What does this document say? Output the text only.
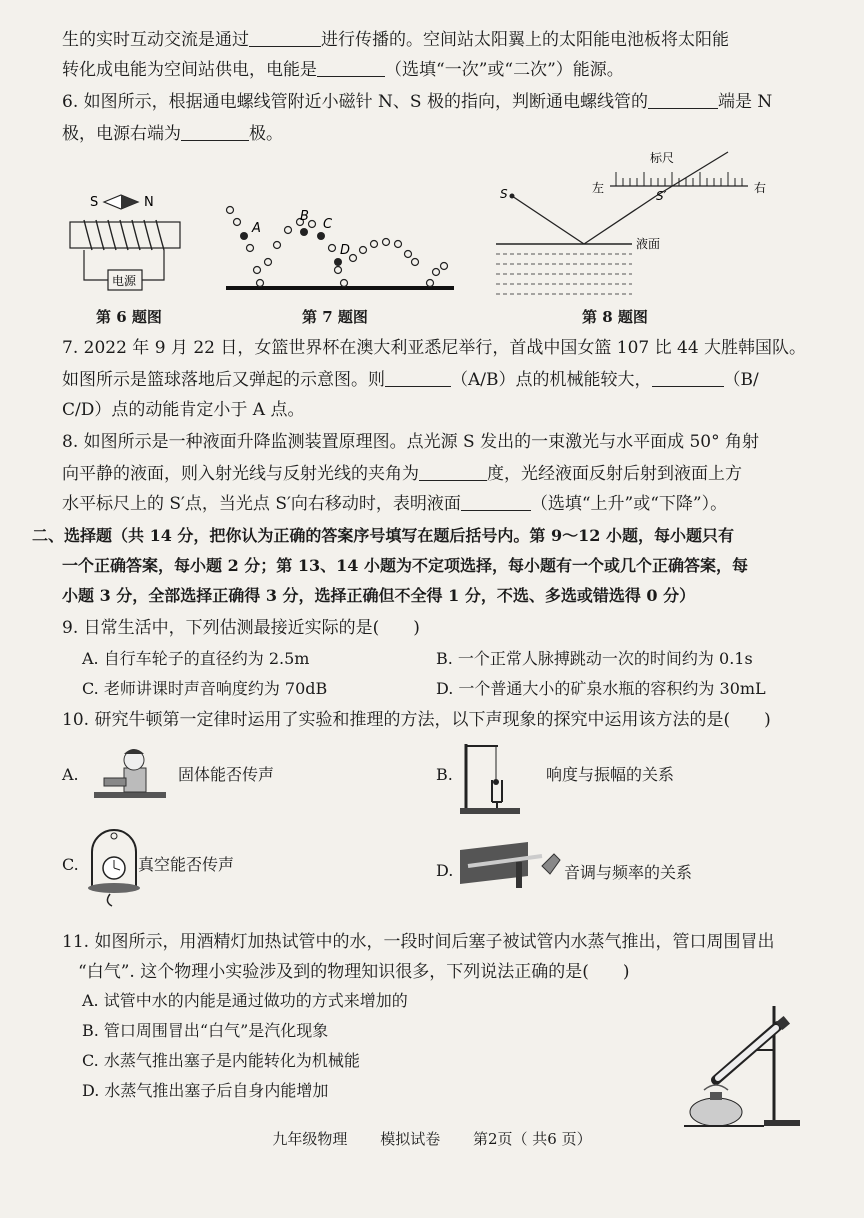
生的实时互动交流是通过	进行传播的。空间站太阳翼上的太阳能电池板将太阳能
转化成电能为空间站供电，电能是	（选填“一次”或“二次”）能源。
6. 如图所示，根据通电螺线管附近小磁针 N、S 极的指向，判断通电螺线管的	端是 N
极，电源右端为	极。
S	N
电源
第 6 题图
A
B
C
D
第 7 题图
标尺
左	右
S	S′
液面
第 8 题图
7. 2022 年 9 月 22 日，女篮世界杯在澳大利亚悉尼举行，首战中国女篮 107 比 44 大胜韩国队。
如图所示是篮球落地后又弹起的示意图。则	（A/B）点的机械能较大，	（B/
C/D）点的动能肯定小于 A 点。
8. 如图所示是一种液面升降监测装置原理图。点光源 S 发出的一束激光与水平面成 50° 角射
向平静的液面，则入射光线与反射光线的夹角为	度，光经液面反射后射到液面上方
水平标尺上的 S′点，当光点 S′向右移动时，表明液面	（选填“上升”或“下降”）。
二、选择题（共 14 分，把你认为正确的答案序号填写在题后括号内。第 9～12 小题，每小题只有
一个正确答案，每小题 2 分；第 13、14 小题为不定项选择，每小题有一个或几个正确答案，每
小题 3 分，全部选择正确得 3 分，选择正确但不全得 1 分，不选、多选或错选得 0 分）
9. 日常生活中，下列估测最接近实际的是(　　)
A. 自行车轮子的直径约为 2.5m	B. 一个正常人脉搏跳动一次的时间约为 0.1s
C. 老师讲课时声音响度约为 70dB	D. 一个普通大小的矿泉水瓶的容积约为 30mL
10. 研究牛顿第一定律时运用了实验和推理的方法，以下声现象的探究中运用该方法的是(　　)
A.	固体能否传声	B.	响度与振幅的关系
C.	真空能否传声	D.	音调与频率的关系
11. 如图所示，用酒精灯加热试管中的水，一段时间后塞子被试管内水蒸气推出，管口周围冒出
“白气”. 这个物理小实验涉及到的物理知识很多，下列说法正确的是(　　)
A. 试管中水的内能是通过做功的方式来增加的
B. 管口周围冒出“白气”是汽化现象
C. 水蒸气推出塞子是内能转化为机械能
D. 水蒸气推出塞子后自身内能增加
九年级物理 模拟试卷 第2页（ 共6 页）
